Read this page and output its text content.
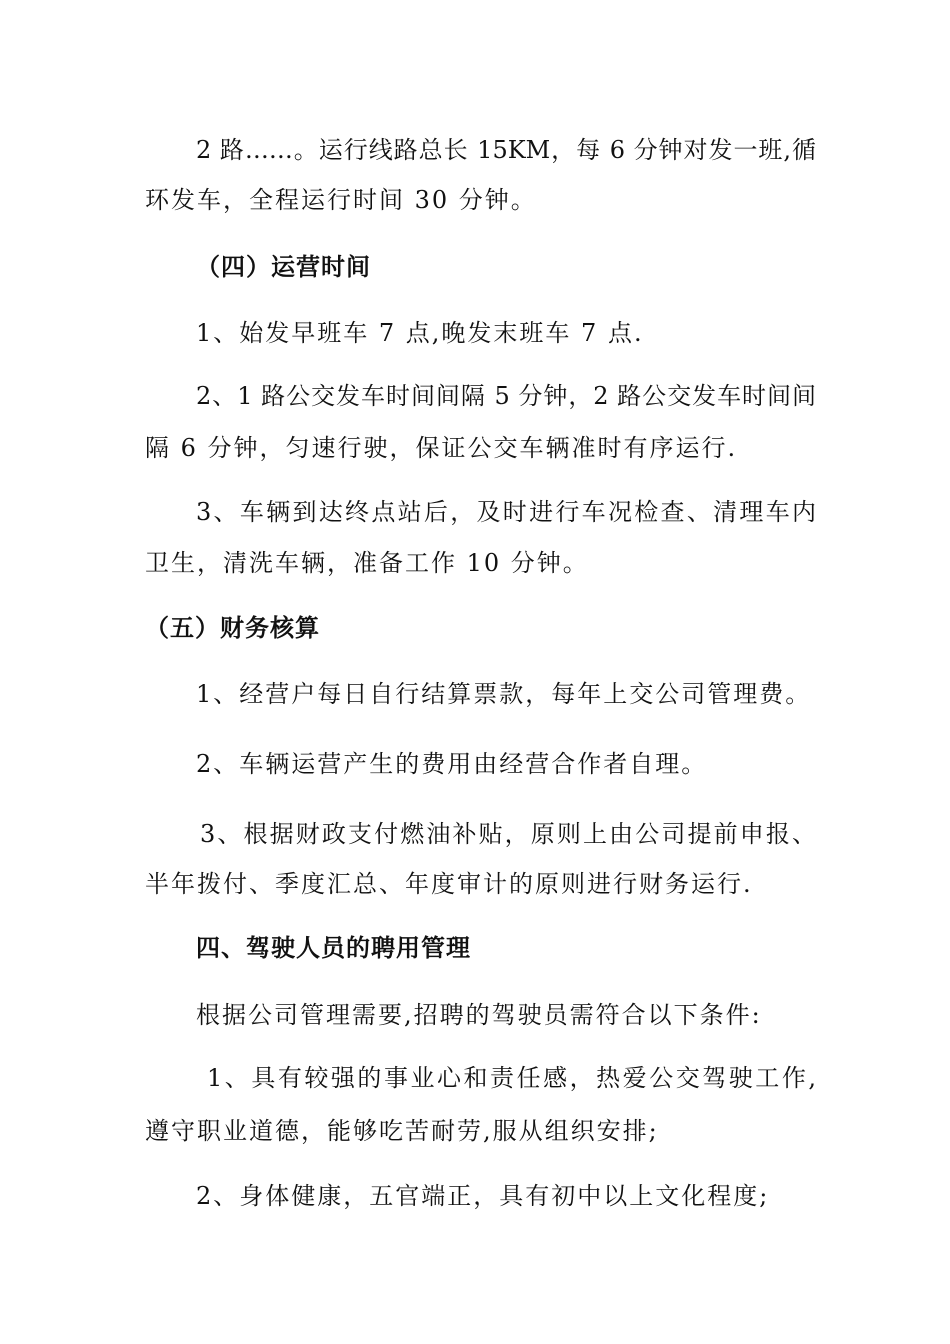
2 路……。运行线路总长 15KM，每 6 分钟对发一班,循
环发车，全程运行时间 30 分钟。
（四）运营时间
1、始发早班车 7 点,晚发末班车 7 点.
2、1 路公交发车时间间隔 5 分钟，2 路公交发车时间间
隔 6 分钟，匀速行驶，保证公交车辆准时有序运行.
3、车辆到达终点站后，及时进行车况检查、清理车内
卫生，清洗车辆，准备工作 10 分钟。
（五）财务核算
1、经营户每日自行结算票款，每年上交公司管理费。
2、车辆运营产生的费用由经营合作者自理。
3、根据财政支付燃油补贴，原则上由公司提前申报、
半年拨付、季度汇总、年度审计的原则进行财务运行.
四、驾驶人员的聘用管理
根据公司管理需要,招聘的驾驶员需符合以下条件:
1、具有较强的事业心和责任感，热爱公交驾驶工作,
遵守职业道德，能够吃苦耐劳,服从组织安排;
2、身体健康，五官端正，具有初中以上文化程度;
